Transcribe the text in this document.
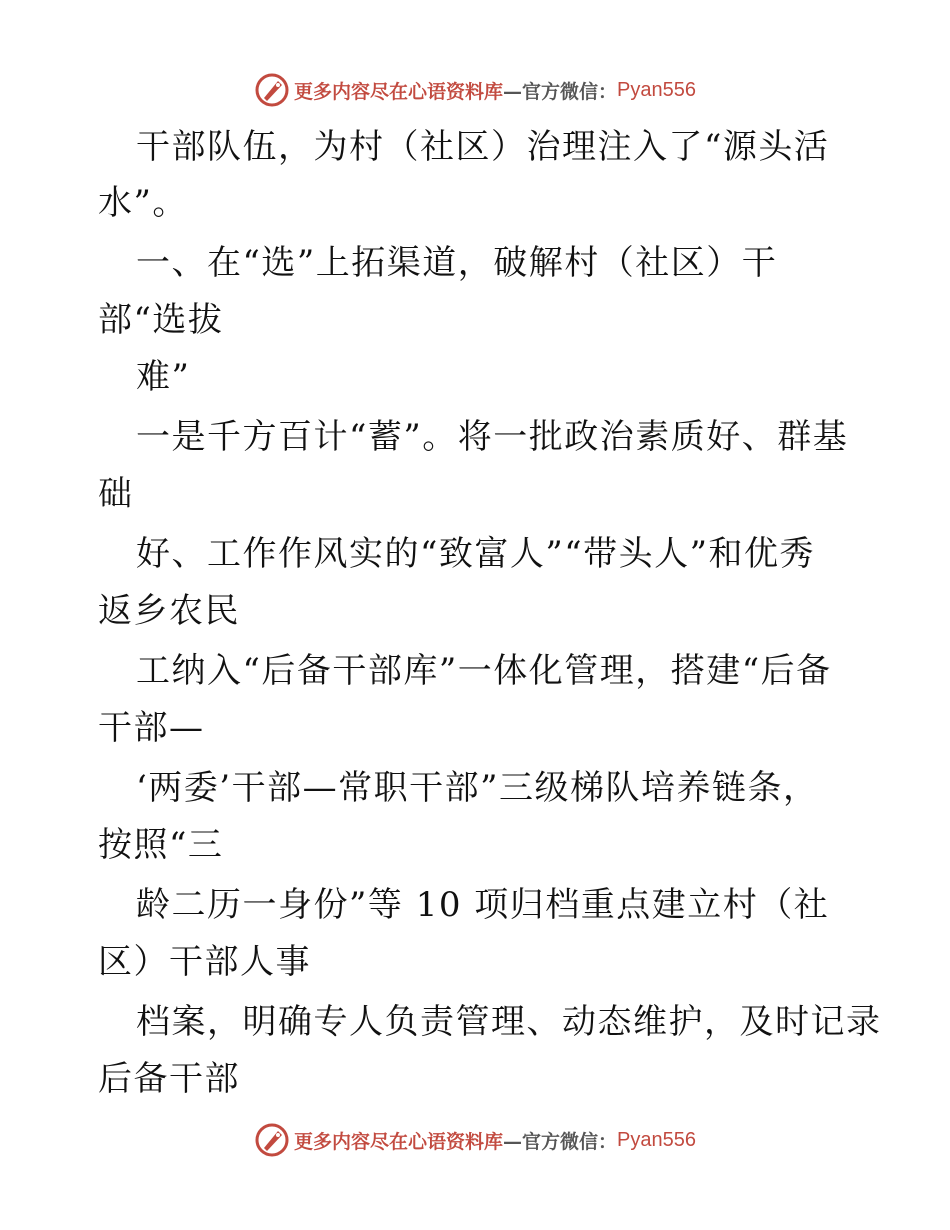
更多内容尽在心语资料库 —官方微信： Pyan556
干部队伍，为村（社区）治理注入了“源头活
水”。
一、在“选”上拓渠道，破解村（社区）干
部“选拔
难”
一是千方百计“蓄”。将一批政治素质好、群基
础
好、工作作风实的“致富人”“带头人”和优秀
返乡农民
工纳入“后备干部库”一体化管理，搭建“后备
干部—
‘两委’干部—常职干部”三级梯队培养链条，
按照“三
龄二历一身份”等 10 项归档重点建立村（社
区）干部人事
档案，明确专人负责管理、动态维护，及时记录
后备干部
更多内容尽在心语资料库 —官方微信： Pyan556
